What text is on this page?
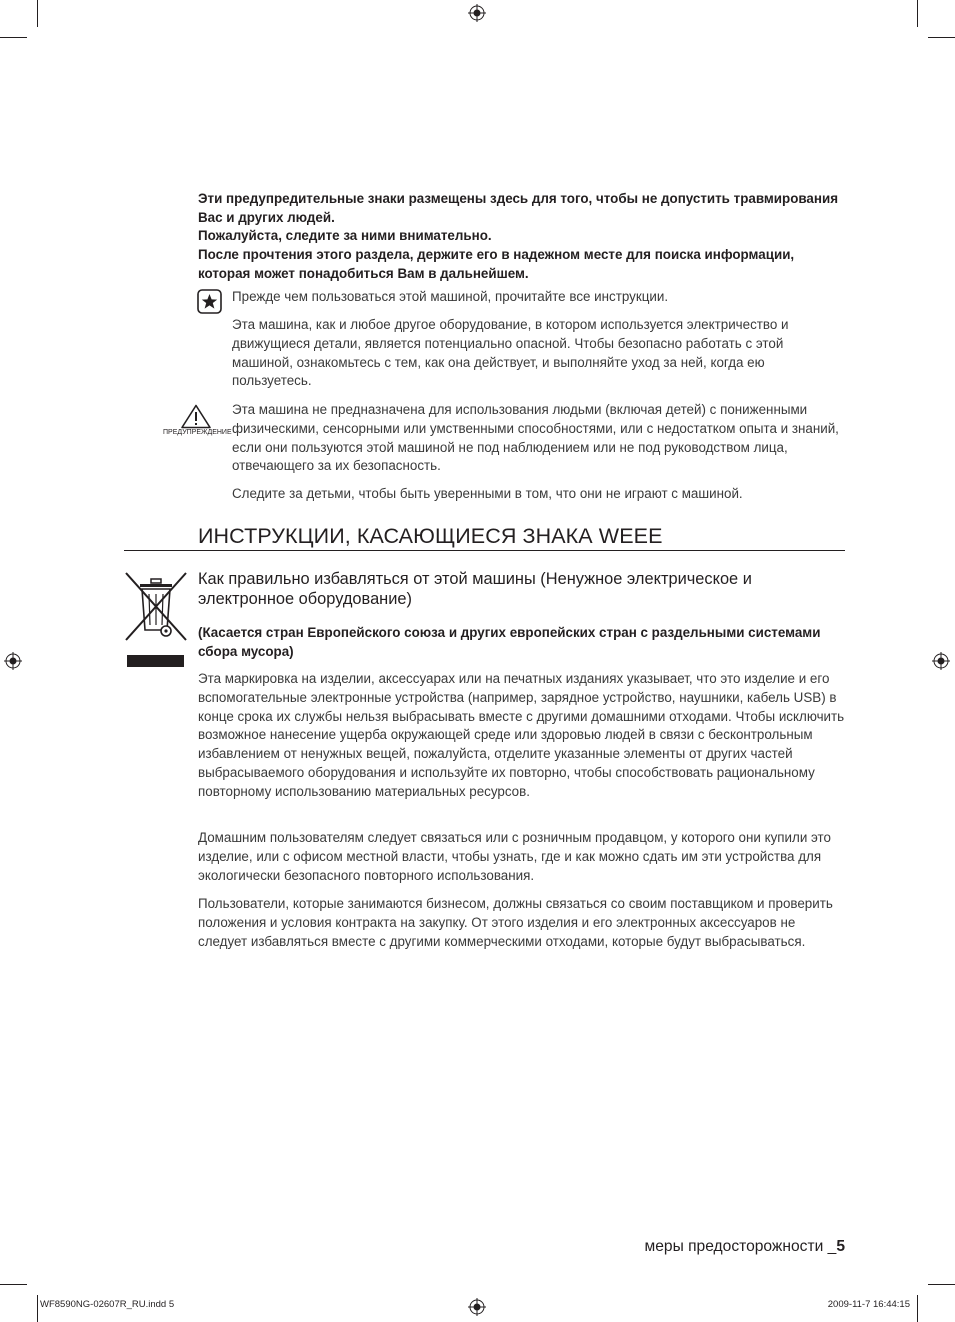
Эти предупредительные знаки размещены здесь для того, чтобы не допустить травмирования Вас и других людей.

Пожалуйста, следите за ними внимательно.

После прочтения этого раздела, держите его в надежном месте для поиска информации, которая может понадобиться Вам в дальнейшем.

Прежде чем пользоваться этой машиной, прочитайте все инструкции.

Эта машина, как и любое другое оборудование, в котором используется электричество и движущиеся детали, является потенциально опасной. Чтобы безопасно работать с этой машиной, ознакомьтесь с тем, как она действует, и выполняйте уход за ней, когда ею пользуетесь.

ПРЕДУПРЕЖДЕНИЕ

Эта машина не предназначена для использования людьми (включая детей) с пониженными физическими, сенсорными или умственными способностями, или с недостатком опыта и знаний, если они пользуются этой машиной не под наблюдением или не под руководством лица, отвечающего за их безопасность.

Следите за детьми, чтобы быть уверенными в том, что они не играют с машиной.

ИНСТРУКЦИИ, КАСАЮЩИЕСЯ ЗНАКА WEEE

Как правильно избавляться от этой машины (Ненужное электрическое и электронное оборудование)

(Касается стран Европейского союза и других европейских стран с раздельными системами сбора мусора)

Эта маркировка на изделии, аксессуарах или на печатных изданиях указывает, что это изделие и его вспомогательные электронные устройства (например, зарядное устройство, наушники, кабель USB) в конце срока их службы нельзя выбрасывать вместе с другими домашними отходами. Чтобы исключить возможное нанесение ущерба окружающей среде или здоровью людей в связи с бесконтрольным избавлением от ненужных вещей, пожалуйста, отделите указанные элементы от других частей выбрасываемого оборудования и используйте их повторно, чтобы способствовать рациональному повторному использованию материальных ресурсов.

Домашним пользователям следует связаться или с розничным продавцом, у которого они купили это изделие, или с офисом местной власти, чтобы узнать, где и как можно сдать им эти устройства для экологически безопасного повторного использования.

Пользователи, которые занимаются бизнесом, должны связаться со своим поставщиком и проверить положения и условия контракта на закупку. От этого изделия и его электронных аксессуаров не следует избавляться вместе с другими коммерческими отходами, которые будут выбрасываться.

меры предосторожности _5
WF8590NG-02607R_RU.indd 5	2009-11-7 16:44:15
